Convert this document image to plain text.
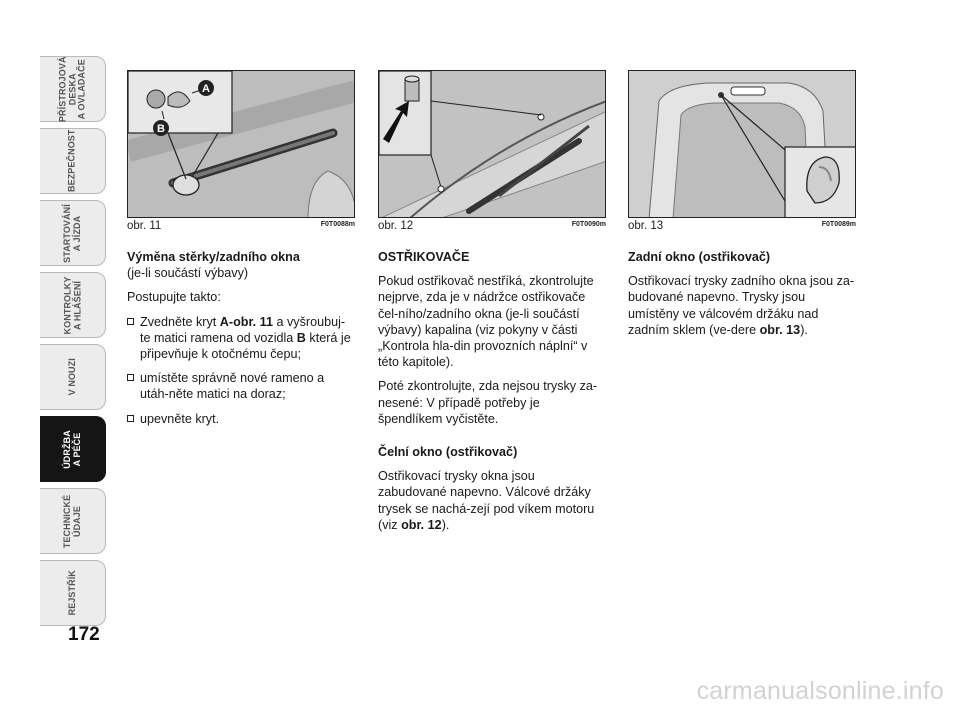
PŘÍSTROJOVÁ
DESKA
A OVLADAČE
BEZPEČNOST
STARTOVÁNÍ
A JÍZDA
KONTROLKY
A HLÁŠENÍ
V NOUZI
ÚDRŽBA
A PÉČE
TECHNICKÉ
ÚDAJE
REJSTŘÍK
172
A
B
obr. 11	F0T0088m obr. 12	F0T0090m obr. 13	F0T0089m

Výměna stěrky/zadního okna

(je-li součástí výbavy)

Postupujte takto:

Zvedněte kryt A-obr. 11 a vyšroubuj-te matici ramena od vozidla B která je připevňuje k otočnému čepu;

umístěte správně nové rameno a utáh-něte matici na doraz;

upevněte kryt.

OSTŘIKOVAČE

Pokud ostřikovač nestříká, zkontrolujte nejprve, zda je v nádržce ostřikovače čel-ního/zadního okna (je-li součástí výbavy) kapalina (viz pokyny v části „Kontrola hla-din provozních náplní“ v této kapitole).

Poté zkontrolujte, zda nejsou trysky za-nesené: V případě potřeby je špendlíkem vyčistěte.

Čelní okno (ostřikovač)

Ostřikovací trysky okna jsou zabudované napevno. Válcové držáky trysek se nachá-zejí pod víkem motoru (viz obr. 12).

Zadní okno (ostřikovač)

Ostřikovací trysky zadního okna jsou za-budované napevno. Trysky jsou umístěny ve válcovém držáku nad zadním sklem (ve-dere obr. 13).

carmanualsonline.info
